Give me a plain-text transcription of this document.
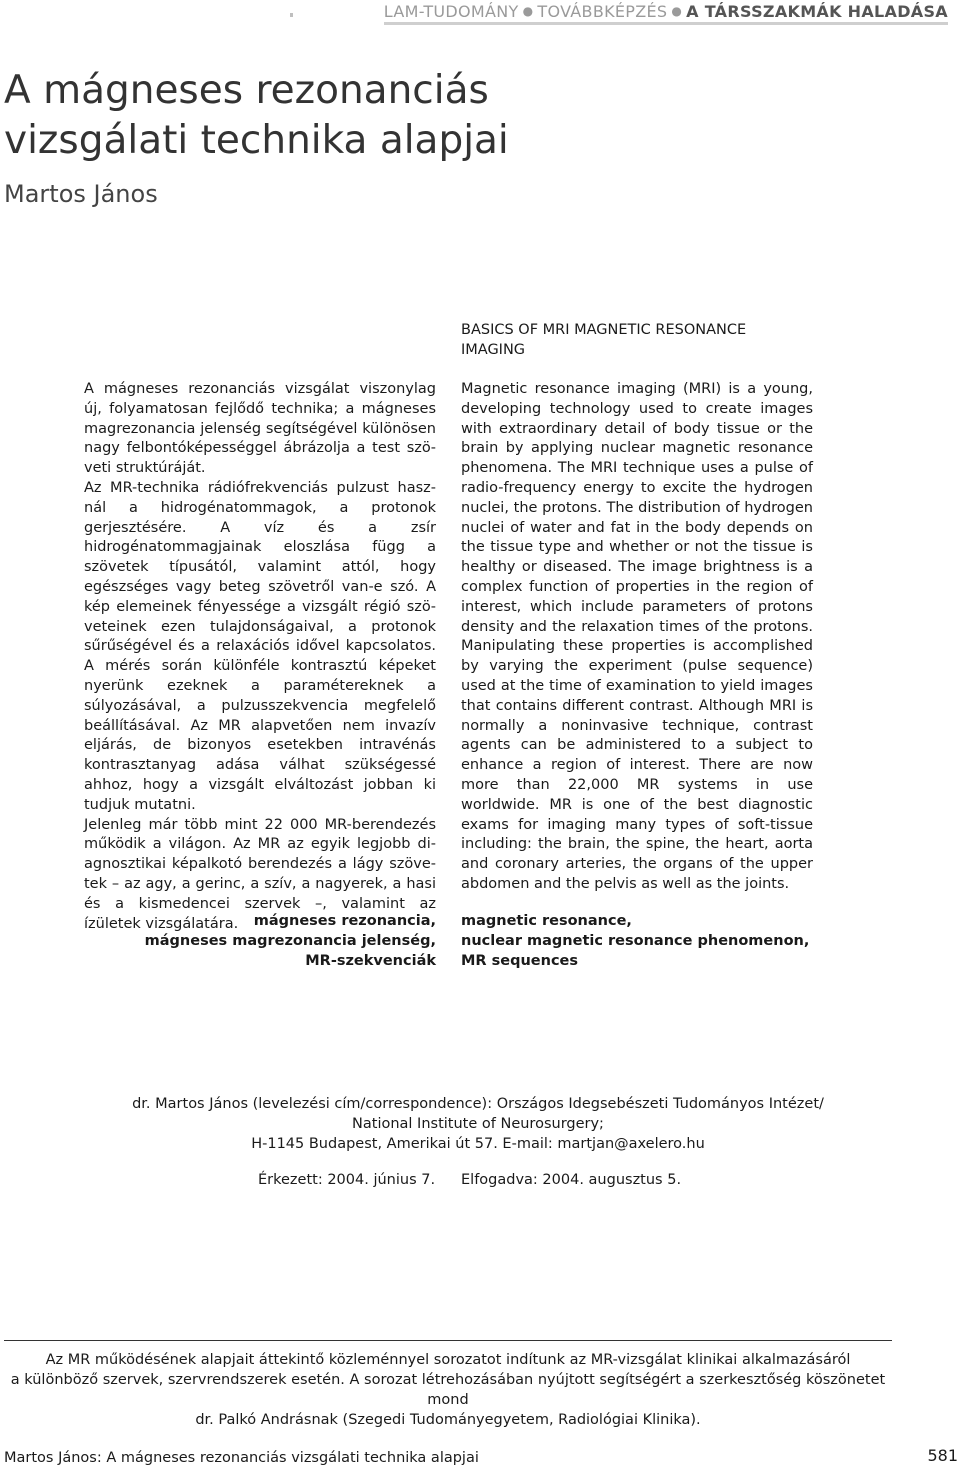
LAM-TUDOMÁNY ● TOVÁBBKÉPZÉS ● A TÁRSSZAKMÁK HALADÁSA
A mágneses rezonanciás
vizsgálati technika alapjai
Martos János
BASICS OF MRI MAGNETIC RESONANCE
IMAGING

A mágneses rezonanciás vizsgálat viszonylag új, folyamatosan fejlődő technika; a mágneses magrezonancia jelenség segítségével különösen nagy felbontóképességgel ábrázolja a test szöveti struktúráját.

Az MR-technika rádiófrekvenciás pulzust használ a hidrogénatommagok, a protonok gerjesztésére. A víz és a zsír hidrogénatommagjainak eloszlása függ a szövetek típusától, valamint attól, hogy egészséges vagy beteg szövetről van-e szó. A kép elemeinek fényessége a vizsgált régió szöveteinek ezen tulajdonságaival, a protonok sűrűségével és a relaxációs idővel kapcsolatos. A mérés során különféle kontrasztú képeket nyerünk ezeknek a paramétereknek a súlyozásával, a pulzusszekvencia megfelelő beállításával. Az MR alapvetően nem invazív eljárás, de bizonyos esetekben intravénás kontrasztanyag adása válhat szükségessé ahhoz, hogy a vizsgált elváltozást jobban ki tudjuk mutatni.

Jelenleg már több mint 22 000 MR-berendezés működik a világon. Az MR az egyik legjobb diagnosztikai képalkotó berendezés a lágy szövetek – az agy, a gerinc, a szív, a nagyerek, a hasi és a kismedencei szervek –, valamint az ízületek vizsgálatára.

Magnetic resonance imaging (MRI) is a young, developing technology used to create images with extraordinary detail of body tissue or the brain by applying nuclear magnetic resonance phenomena. The MRI technique uses a pulse of radio-frequency energy to excite the hydrogen nuclei, the protons. The distribution of hydrogen nuclei of water and fat in the body depends on the tissue type and whether or not the tissue is healthy or diseased. The image brightness is a complex function of properties in the region of interest, which include parameters of protons density and the relaxation times of the protons. Manipulating these properties is accomplished by varying the experiment (pulse sequence) used at the time of examination to yield images that contains different contrast. Although MRI is normally a noninvasive technique, contrast agents can be administered to a subject to enhance a region of interest. There are now more than 22,000 MR systems in use worldwide. MR is one of the best diagnostic exams for imaging many types of soft-tissue including: the brain, the spine, the heart, aorta and coronary arteries, the organs of the upper abdomen and the pelvis as well as the joints.

mágneses rezonancia,
mágneses magrezonancia jelenség,
MR-szekvenciák
magnetic resonance,
nuclear magnetic resonance phenomenon,
MR sequences
dr. Martos János (levelezési cím/correspondence): Országos Idegsebészeti Tudományos Intézet/
National Institute of Neurosurgery;
H-1145 Budapest, Amerikai út 57. E-mail: martjan@axelero.hu
Érkezett: 2004. június 7. Elfogadva: 2004. augusztus 5.
Az MR működésének alapjait áttekintő közleménnyel sorozatot indítunk az MR-vizsgálat klinikai alkalmazásáról
a különböző szervek, szervrendszerek esetén. A sorozat létrehozásában nyújtott segítségért a szerkesztőség köszönetet mond
dr. Palkó Andrásnak (Szegedi Tudományegyetem, Radiológiai Klinika).
Martos János: A mágneses rezonanciás vizsgálati technika alapjai	581
